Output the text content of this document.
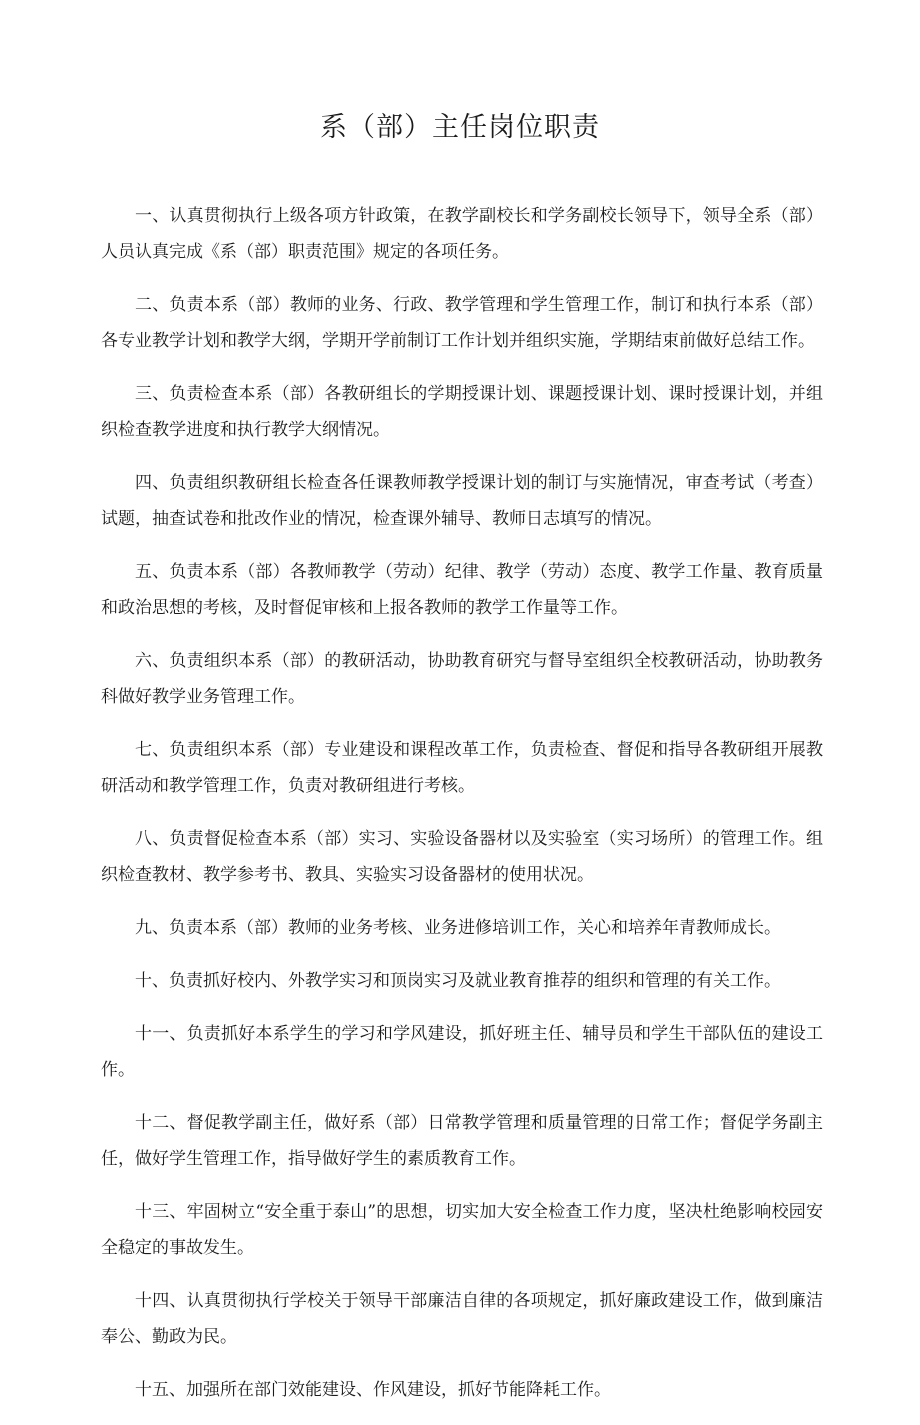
系（部）主任岗位职责

一、认真贯彻执行上级各项方针政策，在教学副校长和学务副校长领导下，领导全系（部）人员认真完成《系（部）职责范围》规定的各项任务。

二、负责本系（部）教师的业务、行政、教学管理和学生管理工作，制订和执行本系（部）各专业教学计划和教学大纲，学期开学前制订工作计划并组织实施，学期结束前做好总结工作。

三、负责检查本系（部）各教研组长的学期授课计划、课题授课计划、课时授课计划，并组织检查教学进度和执行教学大纲情况。

四、负责组织教研组长检查各任课教师教学授课计划的制订与实施情况，审查考试（考查）试题，抽查试卷和批改作业的情况，检查课外辅导、教师日志填写的情况。

五、负责本系（部）各教师教学（劳动）纪律、教学（劳动）态度、教学工作量、教育质量和政治思想的考核，及时督促审核和上报各教师的教学工作量等工作。

六、负责组织本系（部）的教研活动，协助教育研究与督导室组织全校教研活动，协助教务科做好教学业务管理工作。

七、负责组织本系（部）专业建设和课程改革工作，负责检查、督促和指导各教研组开展教研活动和教学管理工作，负责对教研组进行考核。

八、负责督促检查本系（部）实习、实验设备器材以及实验室（实习场所）的管理工作。组织检查教材、教学参考书、教具、实验实习设备器材的使用状况。

九、负责本系（部）教师的业务考核、业务进修培训工作，关心和培养年青教师成长。

十、负责抓好校内、外教学实习和顶岗实习及就业教育推荐的组织和管理的有关工作。

十一、负责抓好本系学生的学习和学风建设，抓好班主任、辅导员和学生干部队伍的建设工作。

十二、督促教学副主任，做好系（部）日常教学管理和质量管理的日常工作；督促学务副主任，做好学生管理工作，指导做好学生的素质教育工作。

十三、牢固树立“安全重于泰山”的思想，切实加大安全检查工作力度，坚决杜绝影响校园安全稳定的事故发生。

十四、认真贯彻执行学校关于领导干部廉洁自律的各项规定，抓好廉政建设工作，做到廉洁奉公、勤政为民。

十五、加强所在部门效能建设、作风建设，抓好节能降耗工作。
